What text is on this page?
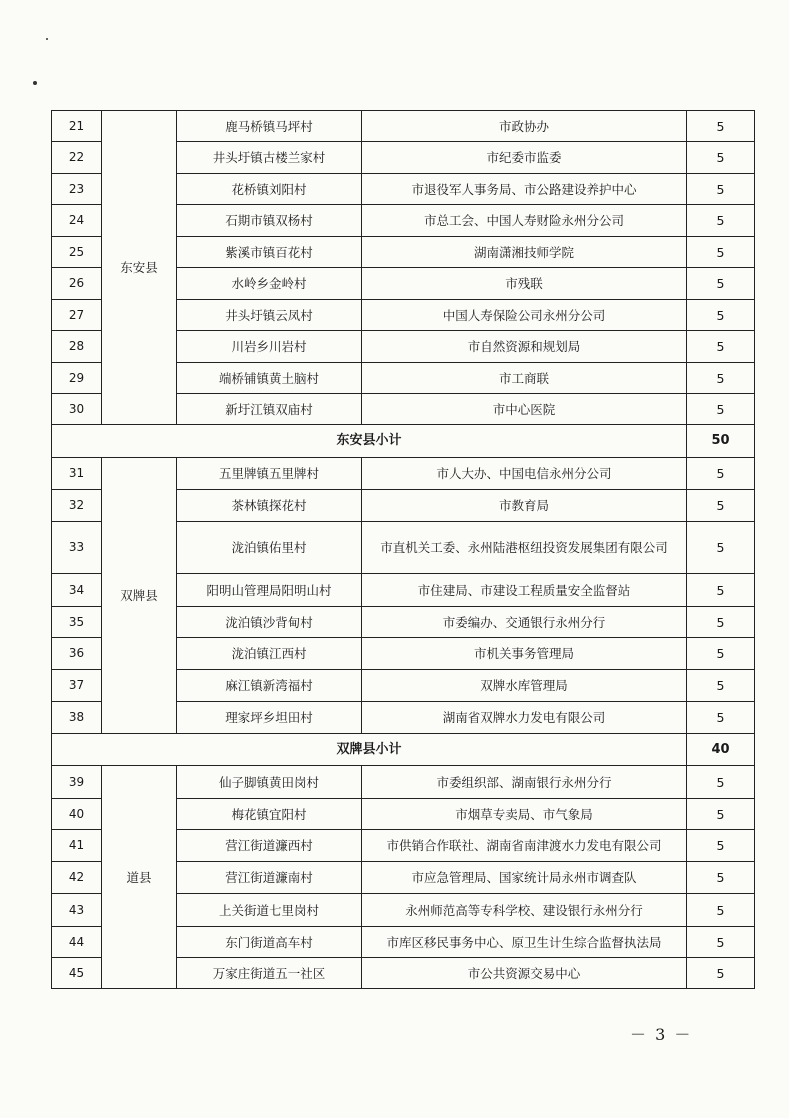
21	东安县	鹿马桥镇马坪村	市政协办	5
22		井头圩镇古楼兰家村	市纪委市监委	5
23		花桥镇刘阳村	市退役军人事务局、市公路建设养护中心	5
24		石期市镇双杨村	市总工会、中国人寿财险永州分公司	5
25		紫溪市镇百花村	湖南潇湘技师学院	5
26		水岭乡金岭村	市残联	5
27		井头圩镇云凤村	中国人寿保险公司永州分公司	5
28		川岩乡川岩村	市自然资源和规划局	5
29		端桥铺镇黄土脑村	市工商联	5
30		新圩江镇双庙村	市中心医院	5
东安县小计				50
31	双牌县	五里牌镇五里牌村	市人大办、中国电信永州分公司	5
32		茶林镇探花村	市教育局	5
33		泷泊镇佑里村	市直机关工委、永州陆港枢纽投资发展集团有限公司	5
34		阳明山管理局阳明山村	市住建局、市建设工程质量安全监督站	5
35		泷泊镇沙背甸村	市委编办、交通银行永州分行	5
36		泷泊镇江西村	市机关事务管理局	5
37		麻江镇新湾福村	双牌水库管理局	5
38		理家坪乡坦田村	湖南省双牌水力发电有限公司	5
双牌县小计				40
39	道县	仙子脚镇黄田岗村	市委组织部、湖南银行永州分行	5
40		梅花镇宜阳村	市烟草专卖局、市气象局	5
41		营江街道濂西村	市供销合作联社、湖南省南津渡水力发电有限公司	5
42		营江街道濂南村	市应急管理局、国家统计局永州市调查队	5
43		上关街道七里岗村	永州师范高等专科学校、建设银行永州分行	5
44		东门街道高车村	市库区移民事务中心、原卫生计生综合监督执法局	5
45		万家庄街道五一社区	市公共资源交易中心	5
－ 3 －
